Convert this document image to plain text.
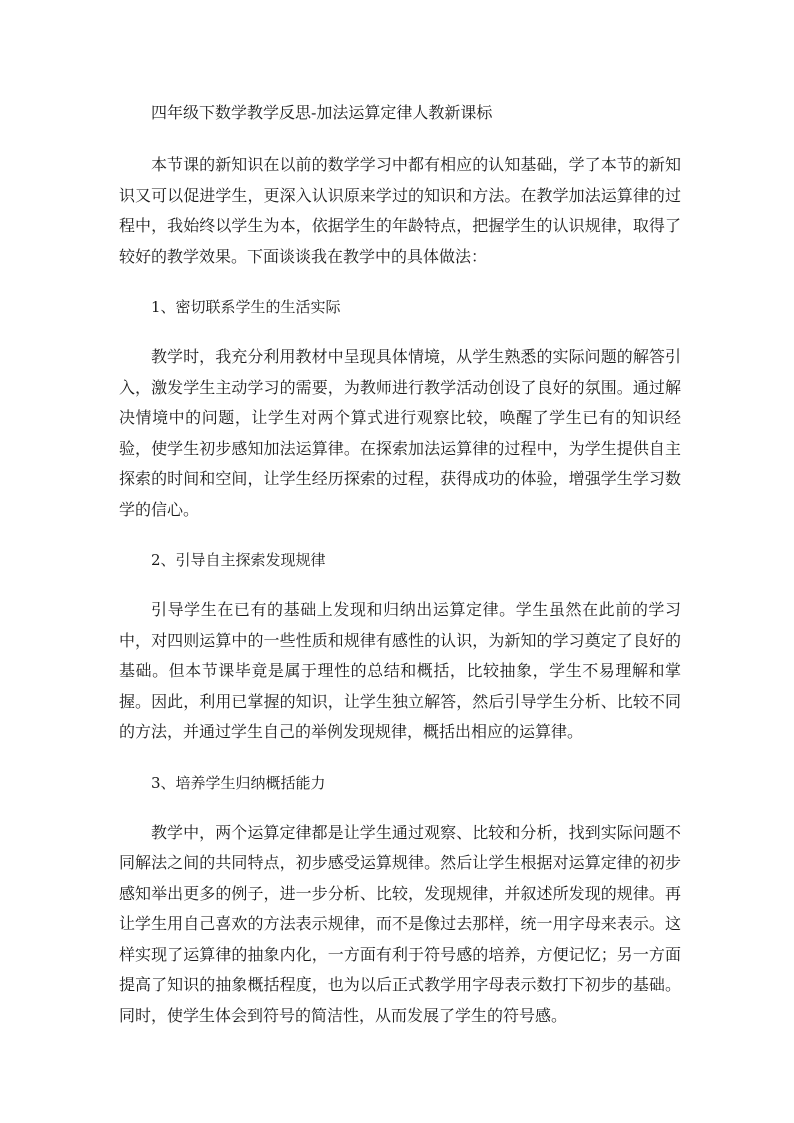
四年级下数学教学反思-加法运算定律人教新课标

本节课的新知识在以前的数学学习中都有相应的认知基础，学了本节的新知识又可以促进学生，更深入认识原来学过的知识和方法。在教学加法运算律的过程中，我始终以学生为本，依据学生的年龄特点，把握学生的认识规律，取得了较好的教学效果。下面谈谈我在教学中的具体做法：

1、密切联系学生的生活实际

教学时，我充分利用教材中呈现具体情境，从学生熟悉的实际问题的解答引入，激发学生主动学习的需要，为教师进行教学活动创设了良好的氛围。通过解决情境中的问题，让学生对两个算式进行观察比较，唤醒了学生已有的知识经验，使学生初步感知加法运算律。在探索加法运算律的过程中，为学生提供自主探索的时间和空间，让学生经历探索的过程，获得成功的体验，增强学生学习数学的信心。

2、引导自主探索发现规律

引导学生在已有的基础上发现和归纳出运算定律。学生虽然在此前的学习中，对四则运算中的一些性质和规律有感性的认识，为新知的学习奠定了良好的基础。但本节课毕竟是属于理性的总结和概括，比较抽象，学生不易理解和掌握。因此，利用已掌握的知识，让学生独立解答，然后引导学生分析、比较不同的方法，并通过学生自己的举例发现规律，概括出相应的运算律。

3、培养学生归纳概括能力

教学中，两个运算定律都是让学生通过观察、比较和分析，找到实际问题不同解法之间的共同特点，初步感受运算规律。然后让学生根据对运算定律的初步感知举出更多的例子，进一步分析、比较，发现规律，并叙述所发现的规律。再让学生用自己喜欢的方法表示规律，而不是像过去那样，统一用字母来表示。这样实现了运算律的抽象内化，一方面有利于符号感的培养，方便记忆；另一方面提高了知识的抽象概括程度，也为以后正式教学用字母表示数打下初步的基础。同时，使学生体会到符号的简洁性，从而发展了学生的符号感。
